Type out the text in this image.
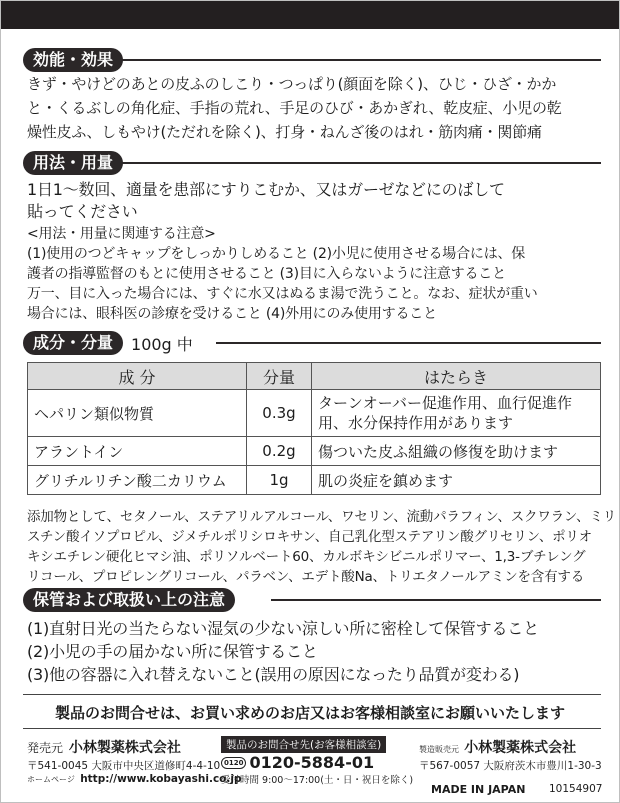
効能・効果
きず・やけどのあとの皮ふのしこり・つっぱり(顔面を除く)、ひじ・ひざ・かか
と・くるぶしの角化症、手指の荒れ、手足のひび・あかぎれ、乾皮症、小児の乾
燥性皮ふ、しもやけ(ただれを除く)、打身・ねんざ後のはれ・筋肉痛・関節痛
用法・用量
1日1〜数回、適量を患部にすりこむか、又はガーゼなどにのばして
貼ってください
<用法・用量に関連する注意>
(1)使用のつどキャップをしっかりしめること (2)小児に使用させる場合には、保
護者の指導監督のもとに使用させること (3)目に入らないように注意すること
万一、目に入った場合には、すぐに水又はぬるま湯で洗うこと。なお、症状が重い
場合には、眼科医の診療を受けること (4)外用にのみ使用すること
成分・分量	100g 中
成 分	分量	はたらき
ヘパリン類似物質	0.3g	ターンオーバー促進作用、血行促進作用、水分保持作用があります
アラントイン	0.2g	傷ついた皮ふ組織の修復を助けます
グリチルリチン酸二カリウム	1g	肌の炎症を鎮めます
添加物として、セタノール、ステアリルアルコール、ワセリン、流動パラフィン、スクワラン、ミリ
スチン酸イソプロピル、ジメチルポリシロキサン、自己乳化型ステアリン酸グリセリン、ポリオ
キシエチレン硬化ヒマシ油、ポリソルベート60、カルボキシビニルポリマー、1,3-ブチレング
リコール、プロピレングリコール、パラベン、エデト酸Na、トリエタノールアミンを含有する
保管および取扱い上の注意
(1)直射日光の当たらない湿気の少ない涼しい所に密栓して保管すること
(2)小児の手の届かない所に保管すること
(3)他の容器に入れ替えないこと(誤用の原因になったり品質が変わる)
製品のお問合せは、お買い求めのお店又はお客様相談室にお願いいたします
発売元 小林製薬株式会社
〒541-0045 大阪市中央区道修町4-4-10
ホームページ http://www.kobayashi.co.jp
製品のお問合せ先(お客様相談室)
0120 0120-5884-01
受付時間 9:00〜17:00(土・日・祝日を除く)
製造販売元 小林製薬株式会社
〒567-0057 大阪府茨木市豊川1-30-3
MADE IN JAPAN 10154907
